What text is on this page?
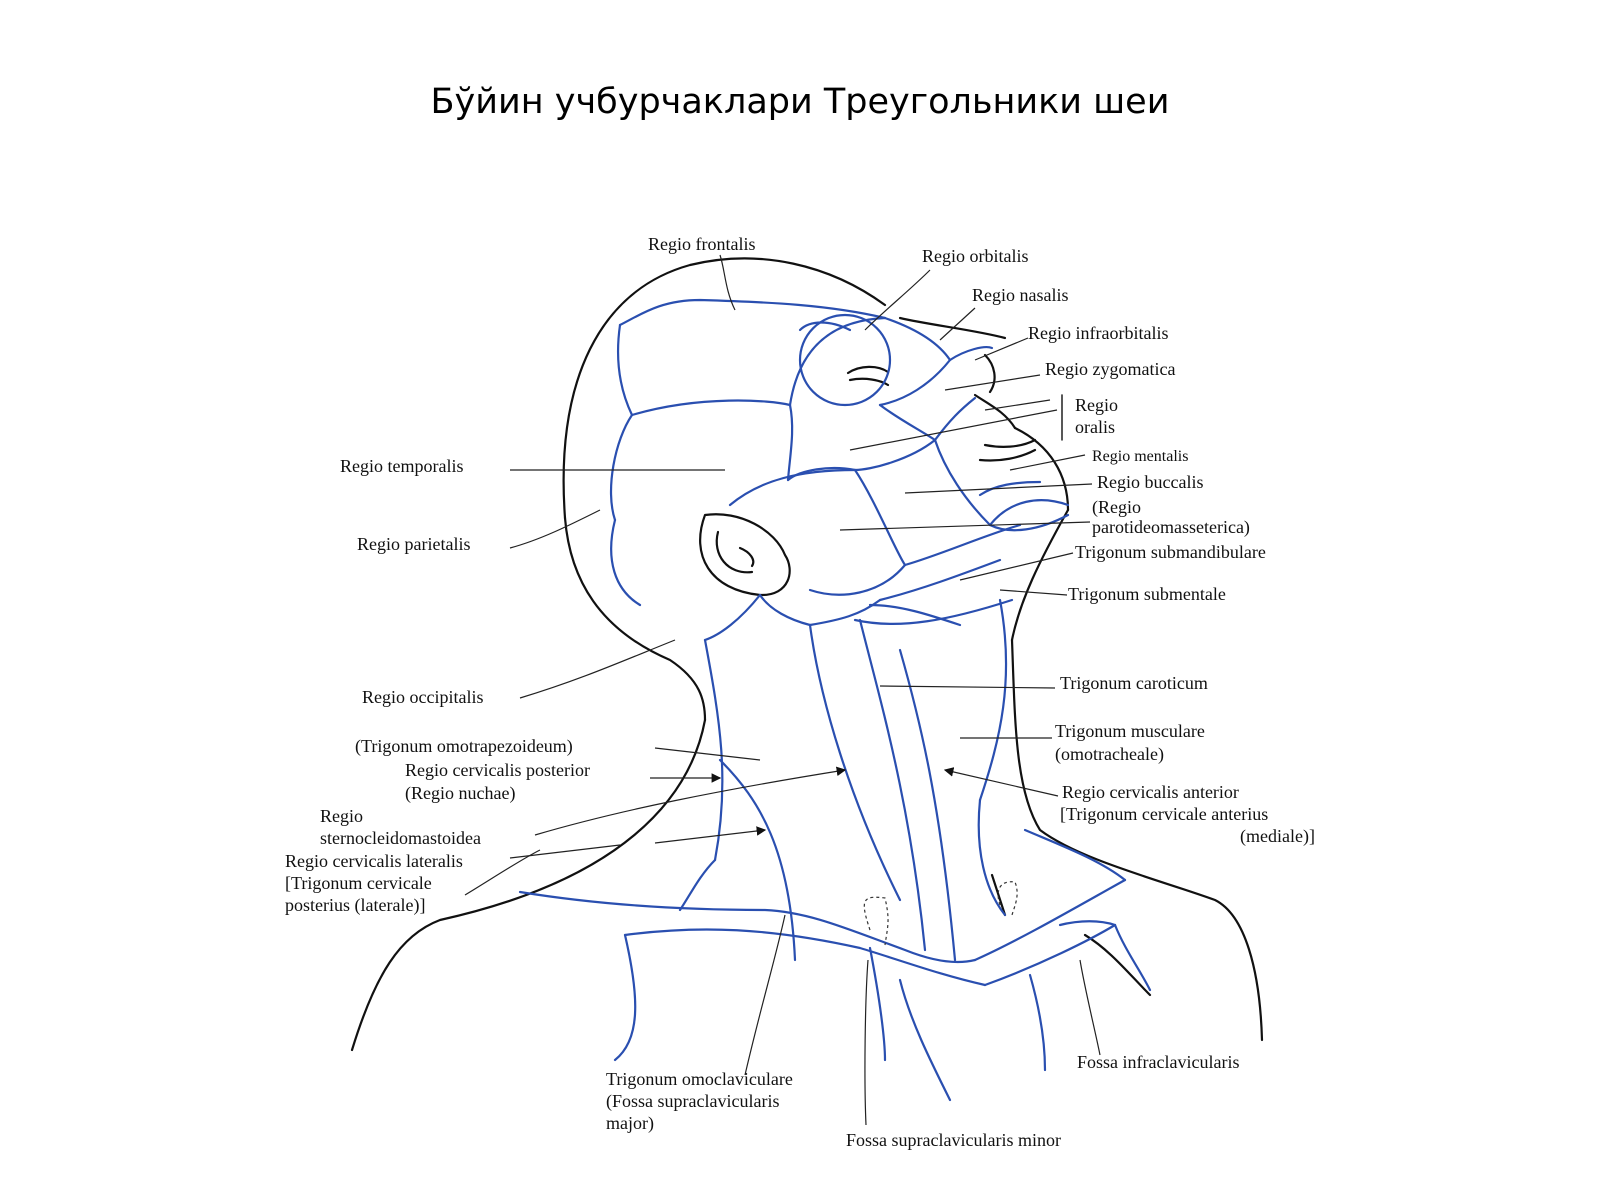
Бўйин учбурчаклари Треугольники шеи
Regio frontalis
Regio orbitalis
Regio nasalis
Regio infraorbitalis
Regio zygomatica
Regio
oralis
Regio mentalis
Regio buccalis
(Regio
parotideomasseterica)
Trigonum submandibulare
Trigonum submentale
Trigonum caroticum
Trigonum musculare
(omotracheale)
Regio cervicalis anterior
[Trigonum cervicale anterius
(mediale)]
Fossa infraclavicularis
Fossa supraclavicularis minor
Trigonum omoclaviculare
(Fossa supraclavicularis
major)
Regio temporalis
Regio parietalis
Regio occipitalis
(Trigonum omotrapezoideum)
Regio cervicalis posterior
(Regio nuchae)
Regio
sternocleidomastoidea
Regio cervicalis lateralis
[Trigonum cervicale
posterius (laterale)]
